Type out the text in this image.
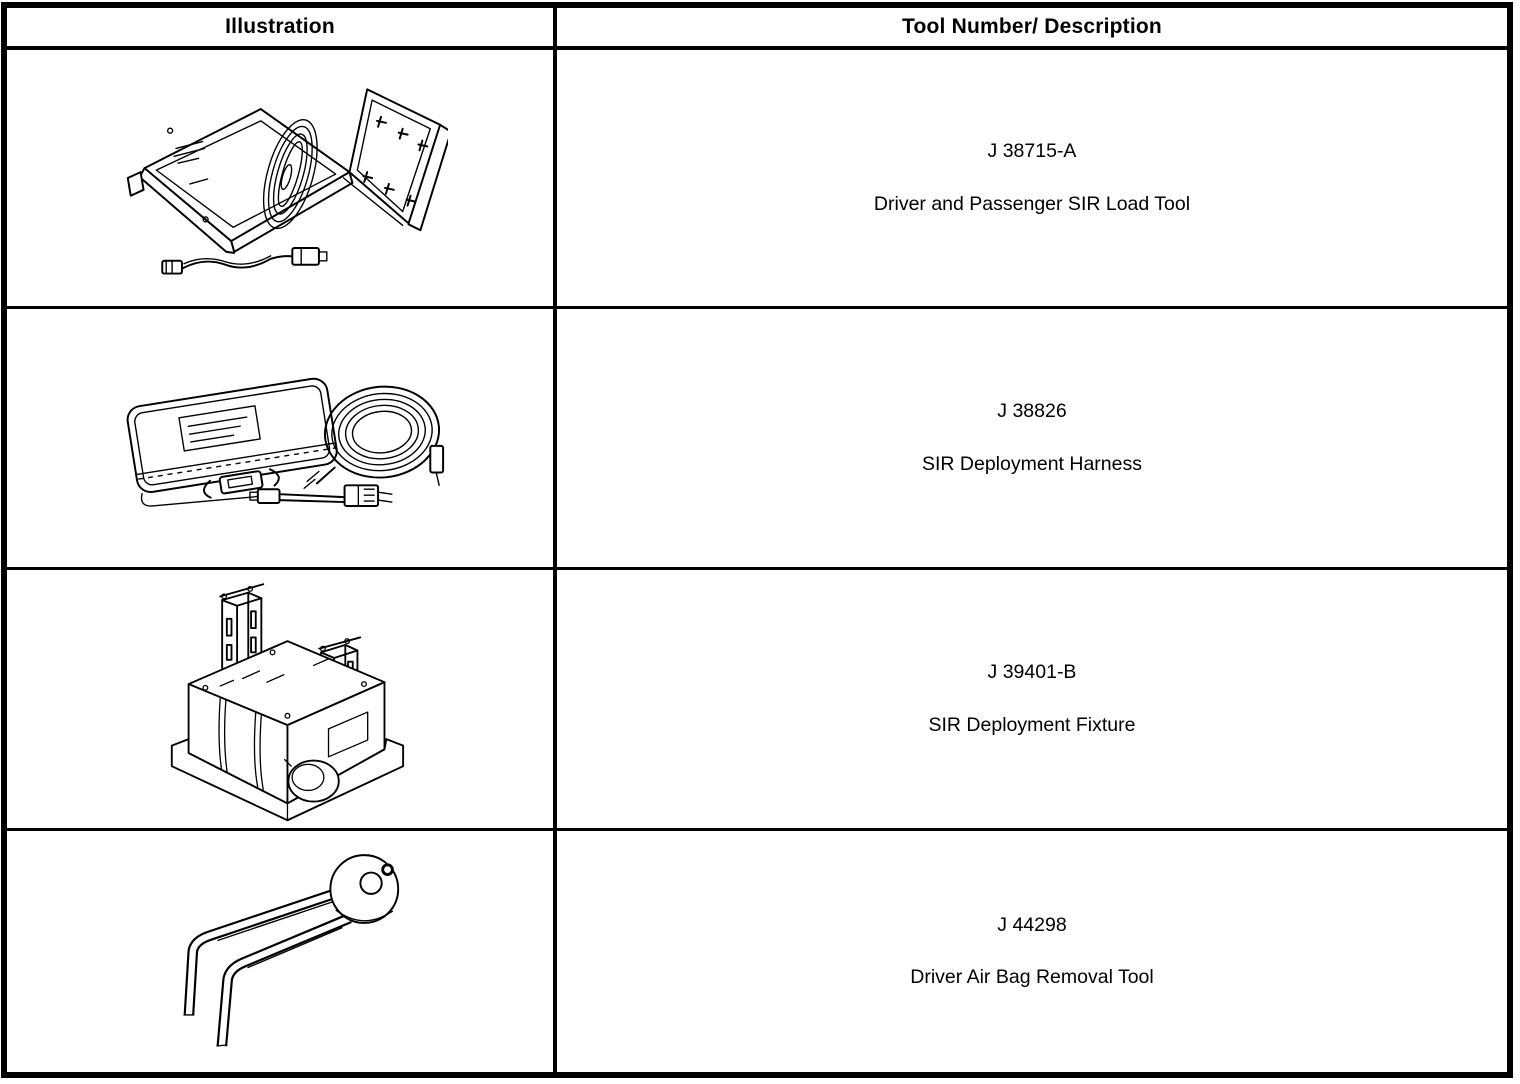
Illustration	Tool Number/ Description
J 38715-A
Driver and Passenger SIR Load Tool
J 38826
SIR Deployment Harness
J 39401-B
SIR Deployment Fixture
J 44298
Driver Air Bag Removal Tool
